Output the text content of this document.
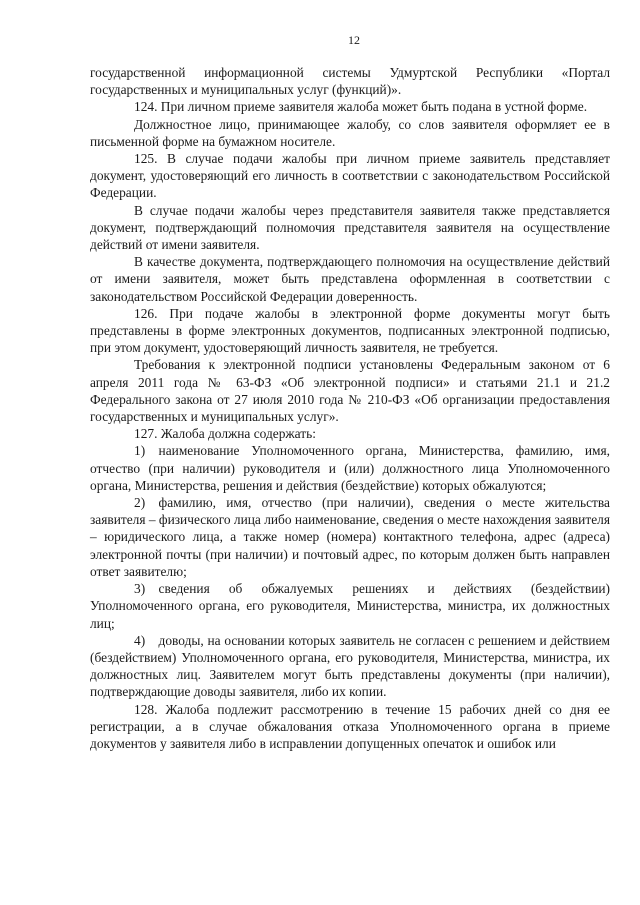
12

государственной информационной системы Удмуртской Республики «Портал государственных и муниципальных услуг (функций)».

124. При личном приеме заявителя жалоба может быть подана в устной форме.

Должностное лицо, принимающее жалобу, со слов заявителя оформляет ее в письменной форме на бумажном носителе.

125. В случае подачи жалобы при личном приеме заявитель представляет документ, удостоверяющий его личность в соответствии с законодательством Российской Федерации.

В случае подачи жалобы через представителя заявителя также представляется документ, подтверждающий полномочия представителя заявителя на осуществление действий от имени заявителя.

В качестве документа, подтверждающего полномочия на осуществление действий от имени заявителя, может быть представлена оформленная в соответствии с законодательством Российской Федерации доверенность.

126. При подаче жалобы в электронной форме документы могут быть представлены в форме электронных документов, подписанных электронной подписью, при этом документ, удостоверяющий личность заявителя, не требуется.

Требования к электронной подписи установлены Федеральным законом от 6 апреля 2011 года № 63-ФЗ «Об электронной подписи» и статьями 21.1 и 21.2 Федерального закона от 27 июля 2010 года № 210-ФЗ «Об организации предоставления государственных и муниципальных услуг».

127. Жалоба должна содержать:

1) наименование Уполномоченного органа, Министерства, фамилию, имя, отчество (при наличии) руководителя и (или) должностного лица Уполномоченного органа, Министерства, решения и действия (бездействие) которых обжалуются;

2) фамилию, имя, отчество (при наличии), сведения о месте жительства заявителя – физического лица либо наименование, сведения о месте нахождения заявителя – юридического лица, а также номер (номера) контактного телефона, адрес (адреса) электронной почты (при наличии) и почтовый адрес, по которым должен быть направлен ответ заявителю;

3) сведения об обжалуемых решениях и действиях (бездействии) Уполномоченного органа, его руководителя, Министерства, министра, их должностных лиц;

4) доводы, на основании которых заявитель не согласен с решением и действием (бездействием) Уполномоченного органа, его руководителя, Министерства, министра, их должностных лиц. Заявителем могут быть представлены документы (при наличии), подтверждающие доводы заявителя, либо их копии.

128. Жалоба подлежит рассмотрению в течение 15 рабочих дней со дня ее регистрации, а в случае обжалования отказа Уполномоченного органа в приеме документов у заявителя либо в исправлении допущенных опечаток и ошибок или
